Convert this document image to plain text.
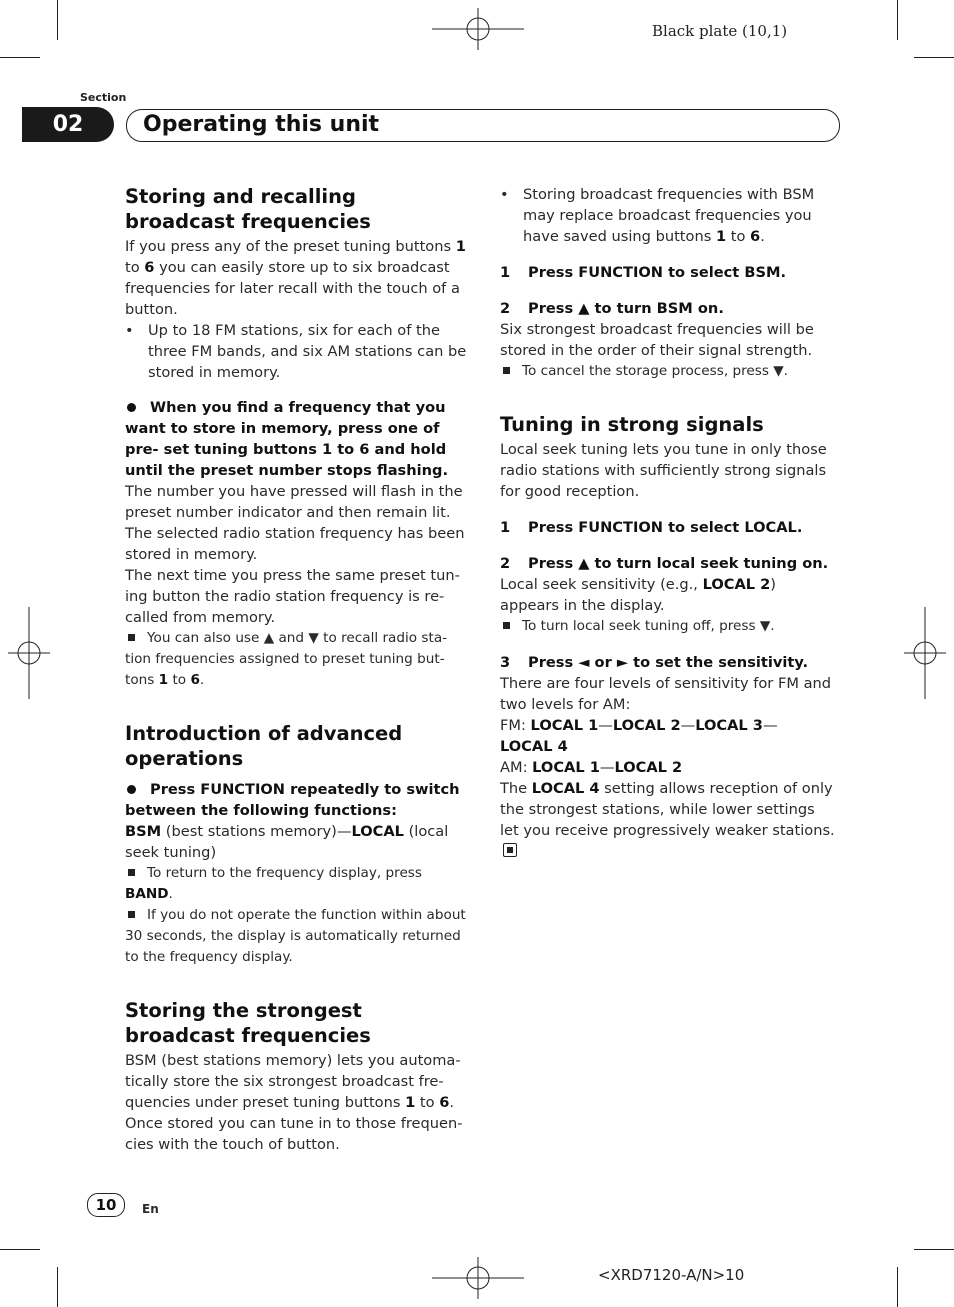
Black plate (10,1)
Section
02	Operating this unit
Storing and recalling broadcast frequencies

If you press any of the preset tuning buttons 1 to 6 you can easily store up to six broadcast frequencies for later recall with the touch of a button.

• Up to 18 FM stations, six for each of the three FM bands, and six AM stations can be stored in memory.

When you find a frequency that you want to store in memory, press one of pre- set tuning buttons 1 to 6 and hold until the preset number stops flashing.

The number you have pressed will flash in the preset number indicator and then remain lit. The selected radio station frequency has been stored in memory.

The next time you press the same preset tun- ing button the radio station frequency is re- called from memory.

You can also use ▲ and ▼ to recall radio sta- tion frequencies assigned to preset tuning but- tons 1 to 6.

Introduction of advanced operations

Press FUNCTION repeatedly to switch between the following functions:

BSM (best stations memory)—LOCAL (local seek tuning)

To return to the frequency display, press BAND.

If you do not operate the function within about 30 seconds, the display is automatically returned to the frequency display.

Storing the strongest broadcast frequencies

BSM (best stations memory) lets you automa- tically store the six strongest broadcast fre- quencies under preset tuning buttons 1 to 6. Once stored you can tune in to those frequen- cies with the touch of button.

• Storing broadcast frequencies with BSM may replace broadcast frequencies you have saved using buttons 1 to 6.
1	Press FUNCTION to select BSM.
2	Press ▲ to turn BSM on.

Six strongest broadcast frequencies will be stored in the order of their signal strength.

To cancel the storage process, press ▼.

Tuning in strong signals

Local seek tuning lets you tune in only those radio stations with sufficiently strong signals for good reception.

1	Press FUNCTION to select LOCAL.
2	Press ▲ to turn local seek tuning on.

Local seek sensitivity (e.g., LOCAL 2) appears in the display.

To turn local seek tuning off, press ▼.

3	Press ◄ or ► to set the sensitivity.

There are four levels of sensitivity for FM and two levels for AM:

FM: LOCAL 1—LOCAL 2—LOCAL 3—
LOCAL 4

AM: LOCAL 1—LOCAL 2

The LOCAL 4 setting allows reception of only the strongest stations, while lower settings let you receive progressively weaker stations.

10	En
<XRD7120-A/N>10
